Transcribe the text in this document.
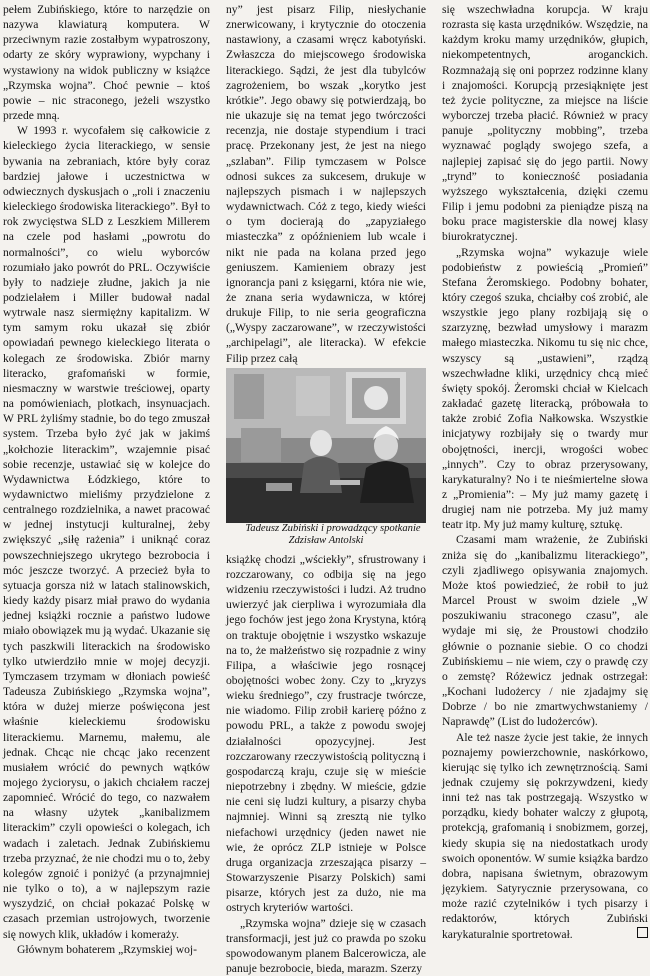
pełem Zubińskiego, które to narzędzie on nazywa klawiaturą komputera. W przeciwnym razie zostałbym wypatroszony, odarty ze skóry wyprawiony, wypchany i wystawiony na widok publiczny w książce „Rzymska wojna”. Choć pewnie – ktoś powie – nic straconego, jeżeli wszystko przede mną.

W 1993 r. wycofałem się całkowicie z kieleckiego życia literackiego, w sensie bywania na zebraniach, które były coraz bardziej jałowe i uczestnictwa w odwiecznych dyskusjach o „roli i znaczeniu kieleckiego środowiska literackiego”. Był to rok zwycięstwa SLD z Leszkiem Millerem na czele pod hasłami „powrotu do normalności”, co wielu wyborców rozumiało jako powrót do PRL. Oczywiście były to nadzieje złudne, jakich ja nie podzielałem i Miller budował nadal wytrwale nasz siermiężny kapitalizm. W tym samym roku ukazał się zbiór opowiadań pewnego kieleckiego literata o kolegach ze środowiska. Zbiór marny literacko, grafomański w formie, niesmaczny w warstwie treściowej, oparty na pomówieniach, plotkach, insynuacjach. W PRL żyliśmy stadnie, bo do tego zmuszał system. Trzeba było żyć jak w jakimś „kołchozie literackim”, wzajemnie pisać sobie recenzje, ustawiać się w kolejce do Wydawnictwa Łódzkiego, które to wydawnictwo mieliśmy przydzielone z centralnego rozdzielnika, a nawet pracować w jednej instytucji kulturalnej, żeby zwiększyć „siłę rażenia” i uniknąć coraz powszechniejszego ukrytego bezrobocia i móc jeszcze tworzyć. A przecież była to sytuacja gorsza niż w latach stalinowskich, kiedy każdy pisarz miał prawo do wydania jednej książki rocznie a państwo ludowe miało obowiązek mu ją wydać. Ukazanie się tych paszkwili literackich na środowisko tylko utwierdziło mnie w mojej decyzji. Tymczasem trzymam w dłoniach powieść Tadeusza Zubińskiego „Rzymska wojna”, która w dużej mierze poświęcona jest właśnie kieleckiemu środowisku literackiemu. Marnemu, małemu, ale jednak. Chcąc nie chcąc jako recenzent musiałem wrócić do pewnych wątków mojego życiorysu, o jakich chciałem raczej zapomnieć. Wrócić do tego, co nazwałem na własny użytek „kanibalizmem literackim” czyli opowieści o kolegach, ich wadach i zaletach. Jednak Zubińskiemu trzeba przyznać, że nie chodzi mu o to, żeby kolegów zgnoić i poniżyć (a przynajmniej nie tylko o to), a w najlepszym razie wyszydzić, on chciał pokazać Polskę w czasach przemian ustrojowych, tworzenie się nowych klik, układów i komeraży.

Głównym bohaterem „Rzymskiej woj-

ny” jest pisarz Filip, niesłychanie znerwicowany, i krytycznie do otoczenia nastawiony, a czasami wręcz kabotyński. Zwłaszcza do miejscowego środowiska literackiego. Sądzi, że jest dla tubylców zagrożeniem, bo wszak „korytko jest krótkie”. Jego obawy się potwierdzają, bo nie ukazuje się na temat jego twórczości recenzja, nie dostaje stypendium i traci pracę. Przekonany jest, że jest na niego „szlaban”. Filip tymczasem w Polsce odnosi sukces za sukcesem, drukuje w najlepszych pismach i w najlepszych wydawnictwach. Cóż z tego, kiedy wieści o tym docierają do „zapyziałego miasteczka” z opóźnieniem lub wcale i nikt nie pada na kolana przed jego geniuszem. Kamieniem obrazy jest ignorancja pani z księgarni, która nie wie, że znana seria wydawnicza, w której drukuje Filip, to nie seria geograficzna („Wyspy zaczarowane”, w rzeczywistości „archipelagi”, ale literacka). W efekcie Filip przez całą

Tadeusz Zubiński i prowadzący spotkanie Zdzisław Antolski

książkę chodzi „wściekły”, sfrustrowany i rozczarowany, co odbija się na jego widzeniu rzeczywistości i ludzi. Aż trudno uwierzyć jak cierpliwa i wyrozumiała dla jego fochów jest jego żona Krystyna, którą on traktuje obojętnie i wszystko wskazuje na to, że małżeństwo się rozpadnie z winy Filipa, a właściwie jego rosnącej obojętności wobec żony. Czy to „kryzys wieku średniego”, czy frustracje twórcze, nie wiadomo. Filip zrobił karierę późno z powodu PRL, a także z powodu swojej działalności opozycyjnej. Jest rozczarowany rzeczywistością polityczną i gospodarczą kraju, czuje się w mieście niepotrzebny i zbędny. W mieście, gdzie nie ceni się ludzi kultury, a pisarzy chyba najmniej. Winni są zresztą nie tylko niefachowi urzędnicy (jeden nawet nie wie, że oprócz ZLP istnieje w Polsce druga organizacja zrzeszająca pisarzy – Stowarzyszenie Pisarzy Polskich) sami pisarze, których jest za dużo, nie ma ostrych kryteriów wartości.

„Rzymska wojna” dzieje się w czasach transformacji, jest już co prawda po szoku spowodowanym planem Balcerowicza, ale panuje bezrobocie, bieda, marazm. Szerzy

się wszechwładna korupcja. W kraju rozrasta się kasta urzędników. Wszędzie, na każdym kroku mamy urzędników, głupich, niekompetentnych, aroganckich. Rozmnażają się oni poprzez rodzinne klany i znajomości. Korupcją przesiąknięte jest też życie polityczne, za miejsce na liście wyborczej trzeba płacić. Również w pracy panuje „polityczny mobbing”, trzeba wyznawać poglądy swojego szefa, a najlepiej zapisać się do jego partii. Nowy „trynd” to konieczność posiadania wyższego wykształcenia, dzięki czemu Filip i jemu podobni za pieniądze piszą na boku prace magisterskie dla nowej klasy biurokratycznej.

„Rzymska wojna” wykazuje wiele podobieństw z powieścią „Promień” Stefana Żeromskiego. Podobny bohater, który czegoś szuka, chciałby coś zrobić, ale wszystkie jego plany rozbijają się o szarzyznę, bezwład umysłowy i marazm małego miasteczka. Nikomu tu się nic chce, wszyscy są „ustawieni”, rządzą wszechwładne kliki, urzędnicy chcą mieć święty spokój. Żeromski chciał w Kielcach zakładać gazetę literacką, próbowała to także zrobić Zofia Nałkowska. Wszystkie inicjatywy rozbijały się o twardy mur obojętności, inercji, wrogości wobec „innych”. Czy to obraz przerysowany, karykaturalny? No i te nieśmiertelne słowa z „Promienia”: – My już mamy gazetę i drugiej nam nie potrzeba. My już mamy teatr itp. My już mamy kulturę, sztukę.

Czasami mam wrażenie, że Zubiński zniża się do „kanibalizmu literackiego”, czyli zjadliwego opisywania znajomych. Może ktoś powiedzieć, że robił to już Marcel Proust w swoim dziele „W poszukiwaniu straconego czasu”, ale wydaje mi się, że Proustowi chodziło głównie o poznanie siebie. O co chodzi Zubińskiemu – nie wiem, czy o prawdę czy o zemstę? Różewicz jednak ostrzegał: „Kochani ludożercy / nie zjadajmy się Dobrze / bo nie zmartwychwstaniemy / Naprawdę” (List do ludożerców).

Ale też nasze życie jest takie, że innych poznajemy powierzchownie, naskórkowo, kierując się tylko ich zewnętrznością. Sami jednak czujemy się pokrzywdzeni, kiedy inni też nas tak postrzegają. Wszystko w porządku, kiedy bohater walczy z głupotą, protekcją, grafomanią i snobizmem, gorzej, kiedy skupia się na niedostatkach urody swoich oponentów. W sumie książka bardzo dobra, napisana świetnym, obrazowym językiem. Satyrycznie przerysowana, co może razić czytelników i tych pisarzy i redaktorów, których Zubiński karykaturalnie sportretował.
